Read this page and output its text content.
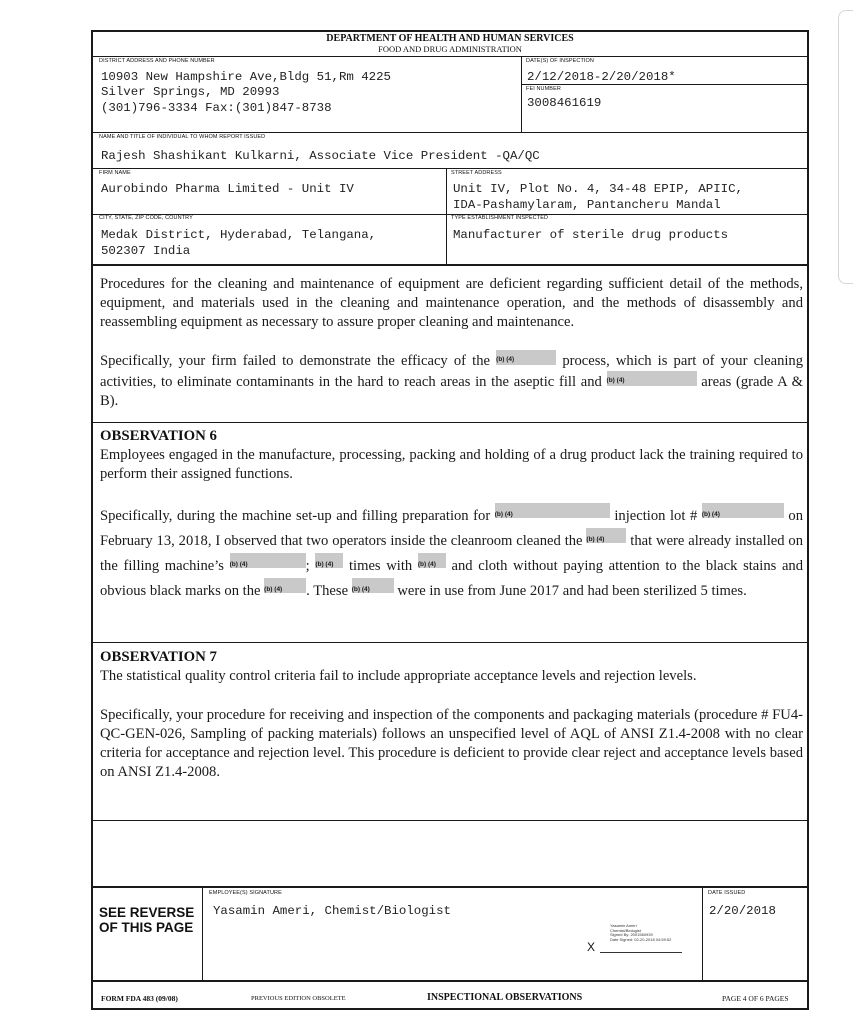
DEPARTMENT OF HEALTH AND HUMAN SERVICES
FOOD AND DRUG ADMINISTRATION
DISTRICT ADDRESS AND PHONE NUMBER
10903 New Hampshire Ave,Bldg 51,Rm 4225
Silver Springs, MD 20993
(301)796-3334 Fax:(301)847-8738
DATE(S) OF INSPECTION
2/12/2018-2/20/2018*
FEI NUMBER
3008461619
NAME AND TITLE OF INDIVIDUAL TO WHOM REPORT ISSUED
Rajesh Shashikant Kulkarni, Associate Vice President -QA/QC
FIRM NAME
Aurobindo Pharma Limited - Unit IV
STREET ADDRESS
Unit IV, Plot No. 4, 34-48 EPIP, APIIC,
IDA-Pashamylaram, Pantancheru Mandal
CITY, STATE, ZIP CODE, COUNTRY
Medak District, Hyderabad, Telangana,
502307 India
TYPE ESTABLISHMENT INSPECTED
Manufacturer of sterile drug products
Procedures for the cleaning and maintenance of equipment are deficient regarding sufficient detail of the methods, equipment, and materials used in the cleaning and maintenance operation, and the methods of disassembly and reassembling equipment as necessary to assure proper cleaning and maintenance.
Specifically, your firm failed to demonstrate the efficacy of the $^{(b) (4)}$	process, which is part of your cleaning activities, to eliminate contaminants in the hard to reach areas in the aseptic fill and $^{(b) (4)}$	areas (grade A & B).
OBSERVATION 6
Employees engaged in the manufacture, processing, packing and holding of a drug product lack the training required to perform their assigned functions.
Specifically, during the machine set-up and filling preparation for $^{(b) (4)}$	injection lot # $^{(b) (4)}$	on February 13, 2018, I observed that two operators inside the cleanroom cleaned the $^{(b) (4)}$ that were already installed on the filling machine’s $^{(b) (4)}$	; $^{(b) (4)}$ times with $^{(b) (4)}$ and cloth without paying attention to the black stains and obvious black marks on the $^{(b) (4)}$ . These $^{(b) (4)}$ were in use from June 2017 and had been sterilized 5 times.
OBSERVATION 7
The statistical quality control criteria fail to include appropriate acceptance levels and rejection levels.
Specifically, your procedure for receiving and inspection of the components and packaging materials (procedure # FU4-QC-GEN-026, Sampling of packing materials) follows an unspecified level of AQL of ANSI Z1.4-2008 with no clear criteria for acceptance and rejection level. This procedure is deficient to provide clear reject and acceptance levels based on ANSI Z1.4-2008.
SEE REVERSE OF THIS PAGE
EMPLOYEE(S) SIGNATURE
Yasamin Ameri, Chemist/Biologist
Yasamin Ameri
Chemist/Biologist
Signed By: 2001560939
Date Signed: 02-20-2018 04:59:52
X
DATE ISSUED
2/20/2018
FORM FDA 483 (09/08)	PREVIOUS EDITION OBSOLETE	INSPECTIONAL OBSERVATIONS	PAGE 4 OF 6 PAGES
